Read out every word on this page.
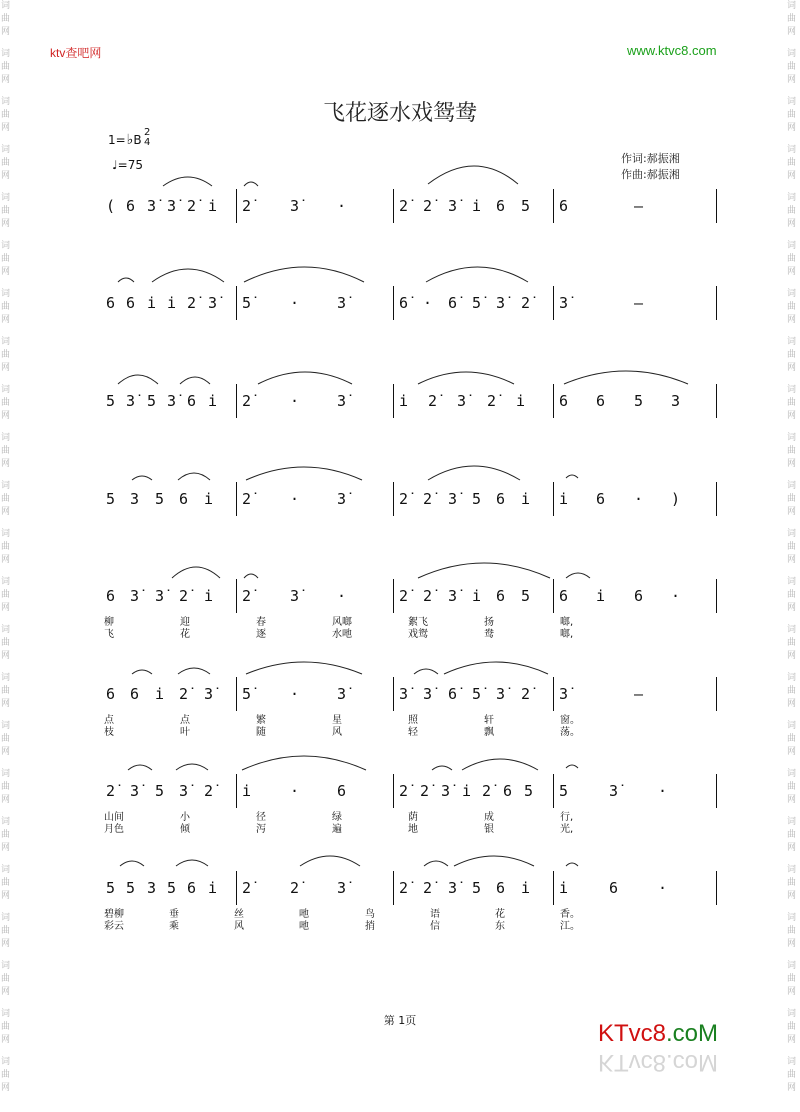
词
曲
网
词
曲
网
词
曲
网
词
曲
网
词
曲
网
词
曲
网
词
曲
网
词
曲
网
词
曲
网
词
曲
网
词
曲
网
词
曲
网
词
曲
网
词
曲
网
词
曲
网
词
曲
网
词
曲
网
词
曲
网
词
曲
网
词
曲
网
词
曲
网
词
曲
网
词
曲
网
词
曲
网
词
曲
网
词
曲
网
词
曲
网
词
曲
网
词
曲
网
词
曲
网
词
曲
网
词
曲
网
词
曲
网
词
曲
网
词
曲
网
词
曲
网
词
曲
网
词
曲
网
词
曲
网
词
曲
网
词
曲
网
词
曲
网
词
曲
网
词
曲
网
词
曲
网
词
曲
网
ktv查吧网	www.ktvc8.com
飞花逐水戏鸳鸯
1=♭B
2
4
♩=75	作词:郝振湘
作曲:郝振湘
( 6 3̇ 3̇ 2̇ i 2̇	3̇	·	2̇ 2̇ 3̇ i 6 5 6	–
6 6 i i 2̇ 3̇ 5̇	·	3̇	6̇ · 6̇ 5̇ 3̇ 2̇ 3̇	–
5 3̇ 5 3̇ 6 i 2̇	·	3̇	i 2̇ 3̇ 2̇ i 6 6 5 3
5 3 5 6 i 2̇	·	3̇	2̇ 2̇ 3̇ 5 6 i i 6 · )
6 3̇ 3̇ 2̇ i 2̇	3̇	·	2̇ 2̇ 3̇ i 6 5 6 i 6 ·
柳	迎	春	风啷	絮飞	扬	啷,
飞	花	逐	水吔	戏鸳	鸯	啷,
6 6 i 2̇ 3̇ 5̇	·	3̇	3̇ 3̇ 6̇ 5̇ 3̇ 2̇ 3̇	–
点	点	繁	星	照	轩	窗。
枝	叶	随	风	轻	飘	荡。
2̇ 3̇ 5 3̇ 2̇ i	·	6	2̇ 2̇ 3̇ i 2̇ 6 5 5	3̇	·
山间	小	径	绿	荫	成	行,
月色	倾	泻	遍	地	银	光,
5 5 3 5 6 i 2̇	2̇	3̇	2̇ 2̇ 3̇ 5 6 i i	6	·
碧柳	垂	丝	吔	鸟	语	花	香。
彩云	乘	风	吔	捎	信	东	江。
第 1页	KTvc8.coM
KTvc8.coM
